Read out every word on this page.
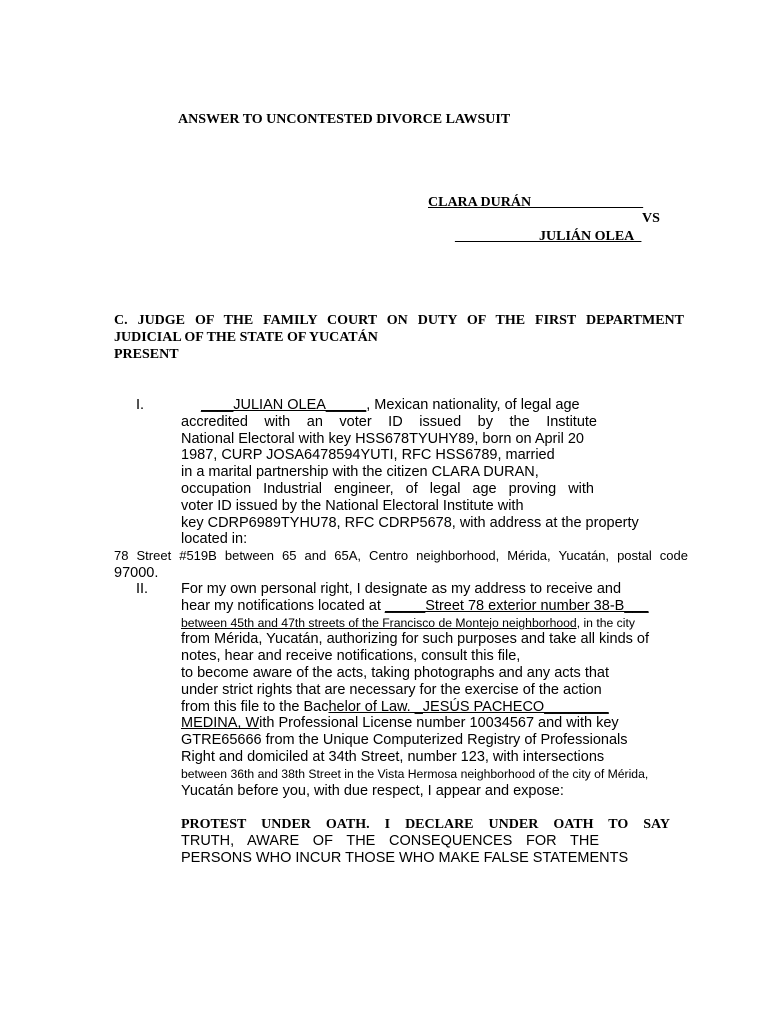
ANSWER TO UNCONTESTED DIVORCE LAWSUIT
CLARA DURÁN________________
VS
____________JULIÁN OLEA_
C. JUDGE OF THE FAMILY COURT ON DUTY OF THE FIRST DEPARTMENT
JUDICIAL OF THE STATE OF YUCATÁN
PRESENT
I.	____JULIAN OLEA_____, Mexican nationality, of legal age
accredited with an voter ID issued by the Institute
National Electoral with key HSS678TYUHY89, born on April 20
1987, CURP JOSA6478594YUTI, RFC HSS6789, married
in a marital partnership with the citizen CLARA DURAN,
occupation Industrial engineer, of legal age proving with
voter ID issued by the National Electoral Institute with
key CDRP6989TYHU78, RFC CDRP5678, with address at the property
located in:
78 Street #519B between 65 and 65A, Centro neighborhood, Mérida, Yucatán, postal code
97000.
II. For my own personal right, I designate as my address to receive and
hear my notifications located at _____Street 78 exterior number 38-B___
between 45th and 47th streets of the Francisco de Montejo neighborhood, in the city
from Mérida, Yucatán, authorizing for such purposes and take all kinds of
notes, hear and receive notifications, consult this file,
to become aware of the acts, taking photographs and any acts that
under strict rights that are necessary for the exercise of the action
from this file to the Bachelor of Law. _JESÚS PACHECO________
MEDINA, With Professional License number 10034567 and with key
GTRE65666 from the Unique Computerized Registry of Professionals
Right and domiciled at 34th Street, number 123, with intersections
between 36th and 38th Street in the Vista Hermosa neighborhood of the city of Mérida,
Yucatán before you, with due respect, I appear and expose:
PROTEST UNDER OATH. I DECLARE UNDER OATH TO SAY
TRUTH, AWARE OF THE CONSEQUENCES FOR THE
PERSONS WHO INCUR THOSE WHO MAKE FALSE STATEMENTS
